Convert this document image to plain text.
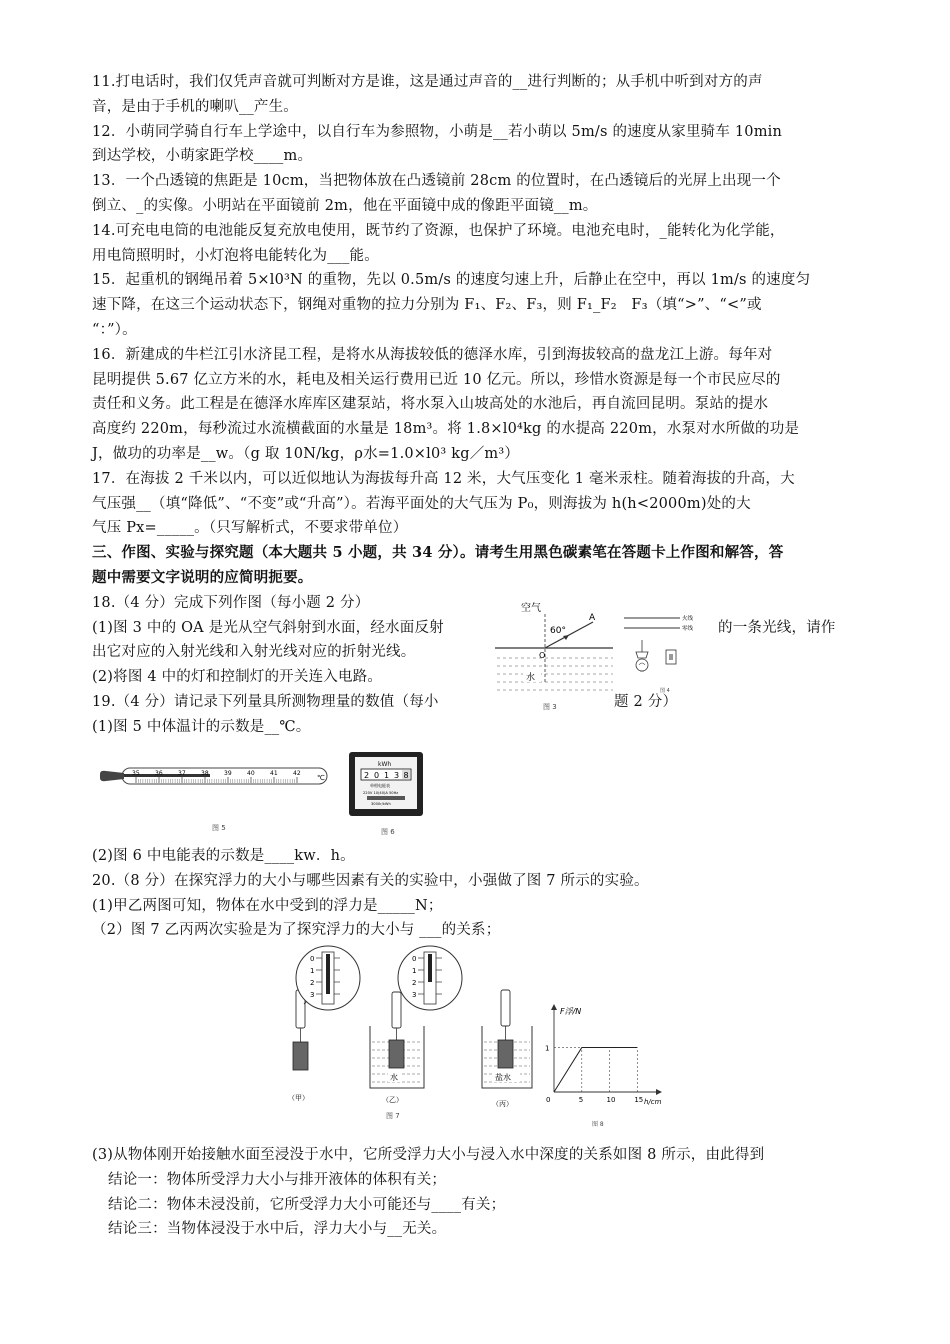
11.打电话时，我们仅凭声音就可判断对方是谁，这是通过声音的__进行判断的；从手机中听到对方的声
音，是由于手机的喇叭__产生。
12．小萌同学骑自行车上学途中，以自行车为参照物，小萌是__若小萌以 5m/s 的速度从家里骑车 10min
到达学校，小萌家距学校____m。
13．一个凸透镜的焦距是 10cm，当把物体放在凸透镜前 28cm 的位置时，在凸透镜后的光屏上出现一个
倒立、_的实像。小明站在平面镜前 2m，他在平面镜中成的像距平面镜__m。
14.可充电电筒的电池能反复充放电使用，既节约了资源，也保护了环境。电池充电时，_能转化为化学能，
用电筒照明时，小灯泡将电能转化为___能。
15．起重机的钢绳吊着 5×l0³N 的重物，先以 0.5m/s 的速度匀速上升，后静止在空中，再以 1m/s 的速度匀
速下降，在这三个运动状态下，钢绳对重物的拉力分别为 F₁、F₂、F₃，则 F₁_F₂　F₃（填“>”、“<”或
“：”）。
16．新建成的牛栏江引水济昆工程，是将水从海拔较低的德泽水库，引到海拔较高的盘龙江上游。每年对
昆明提供 5.67 亿立方米的水，耗电及相关运行费用已近 10 亿元。所以，珍惜水资源是每一个市民应尽的
责任和义务。此工程是在德泽水库库区建泵站，将水泵入山坡高处的水池后，再自流回昆明。泵站的提水
高度约 220m，每秒流过水流横截面的水量是 18m³。将 1.8×l0⁴kg 的水提高 220m，水泵对水所做的功是
J，做功的功率是__w。（g 取 10N/kg，ρ水=1.0×l0³ kg／m³）
17．在海拔 2 千米以内，可以近似地认为海拔每升高 12 米，大气压变化 1 毫米汞柱。随着海拔的升高，大
气压强__（填“降低”、“不变”或“升高”）。若海平面处的大气压为 P₀，则海拔为 h(h<2000m)处的大
气压 Px=_____。（只写解析式，不要求带单位）
三、作图、实验与探究题（本大题共 5 小题，共 34 分）。请考生用黑色碳素笔在答题卡上作图和解答，答
题中需要文字说明的应简明扼要。
18.（4 分）完成下列作图（每小题 2 分）
(1)图 3 中的 OA 是光从空气斜射到水面，经水面反射	的一条光线，请作
出它对应的入射光线和入射光线对应的折射光线。
(2)将图 4 中的灯和控制灯的开关连入电路。
19.（4 分）请记录下列量具所测物理量的数值（每小	题 2 分）
(1)图 5 中体温计的示数是__℃。
(2)图 6 中电能表的示数是____kw．h。
20.（8 分）在探究浮力的大小与哪些因素有关的实验中，小强做了图 7 所示的实验。
(1)甲乙两图可知，物体在水中受到的浮力是_____N；
（2）图 7 乙丙两次实验是为了探究浮力的大小与 ___的关系；
(3)从物体刚开始接触水面至浸没于水中，它所受浮力大小与浸入水中深度的关系如图 8 所示，由此得到
结论一：物体所受浮力大小与排开液体的体积有关；
结论二：物体未浸没前，它所受浮力大小可能还与____有关；
结论三：当物体浸没于水中后，浮力大小与__无关。
空气
60°
A
O
水
图 3
火线
零线
图 4
35	36	37	38	39	40	41	42
℃
图 5
kWh
2 0 1 3 8
单相电能表
220V 10(40)A 50Hz
3000r/kWh
图 6
0
1
2
3
（甲）
0
1
2
3
水
（乙）
盐水
（丙）
图 7
F浮/N
h/cm
0	5	10	15
1
图 8
